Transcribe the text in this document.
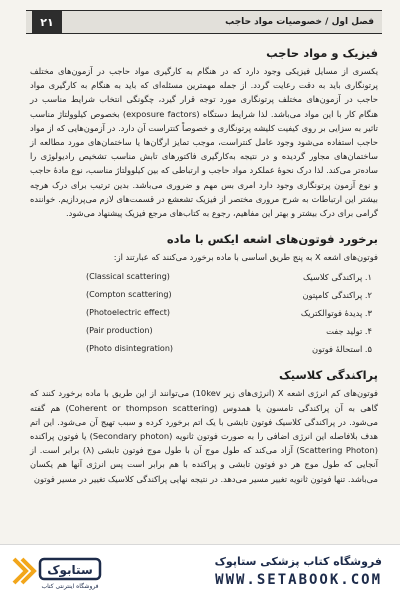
۲۱	فصل اول / خصوصیات مواد حاجب
فیزیک و مواد حاجب

یکسری از مسایل فیزیکی وجود دارد که در هنگام به کارگیری مواد حاجب در آزمون‌های مختلف پرتونگاری باید به دقت رعایت گردد. از جمله مهمترین مسئله‌ای که باید به هنگام به کارگیری مواد حاجب در آزمون‌های مختلف پرتونگاری مورد توجه قرار گیرد، چگونگی انتخاب شرایط مناسب در هنگام کار با این مواد می‌باشد. لذا شرایط دستگاه (exposure factors) بخصوص کیلوولتاژ مناسب تاثیر به سزایی بر روی کیفیت کلیشه پرتونگاری و خصوصاً کنتراست آن دارد. در آزمون‌هایی که از مواد حاجب استفاده می‌شود وجود عامل کنتراست، موجب تمایز ارگان‌ها یا ساختمان‌های مورد مطالعه از ساختمان‌های مجاور گردیده و در نتیجه به‌کارگیری فاکتورهای تابش مناسب تشخیص رادیولوژی را ساده‌تر می‌کند. لذا درک نحوهٔ عملکرد مواد حاجب و ارتباطی که بین کیلوولتاژ مناسب، نوع مادهٔ حاجب و نوع آزمون پرتونگاری وجود دارد امری بس مهم و ضروری می‌باشد. بدین ترتیب برای درک هرچه بیشتر این ارتباطات به شرح مروری مختصر از فیزیک تشعشع در قسمت‌های لازم می‌پردازیم. خواننده گرامی برای درک بیشتر و بهتر این مفاهیم، رجوع به کتاب‌های مرجع فیزیک پیشنهاد می‌شود.

برخورد فوتون‌های اشعه ایکس با ماده

فوتون‌های اشعه X به پنج طریق اساسی با ماده برخورد می‌کنند که عبارتند از:

۱. پراکندگی کلاسیک
(Classical scattering)
۲. پراکندگی کامپتون
(Compton scattering)
۳. پدیدهٔ فوتوالکتریک
(Photoelectric effect)
۴. تولید جفت
(Pair production)
۵. استحالهٔ فوتون
(Photo disintegration)
پراکندگی کلاسیک

فوتون‌های کم انرژی اشعه X (انرژی‌های زیر 10kev) می‌توانند از این طریق با ماده برخورد کنند که گاهی به آن پراکندگی تامسون یا همدوس (Coherent or thompson scattering) هم گفته می‌شود. در پراکندگی کلاسیک فوتون تابشی با یک اتم برخورد کرده و سبب تهیج آن می‌شود. این اتم هدف بلافاصله این انرژی اضافی را به صورت فوتون ثانویه (Secondary photon) یا فوتون پراکنده (Scattering Photon) آزاد می‌کند که طول موج آن با طول موج فوتون تابشی (λ) برابر است. از آنجایی که طول موج هر دو فوتون تابشی و پراکنده با هم برابر است پس انرژی آنها هم یکسان می‌باشد. تنها فوتون ثانویه تغییر مسیر می‌دهد. در نتیجه نهایی پراکندگی کلاسیک تغییر در مسیر فوتون

ستابوک
فروشگاه اینترنتی کتاب
فروشگاه کتاب پزشکی ستاپوک
WWW.SETABOOK.COM
